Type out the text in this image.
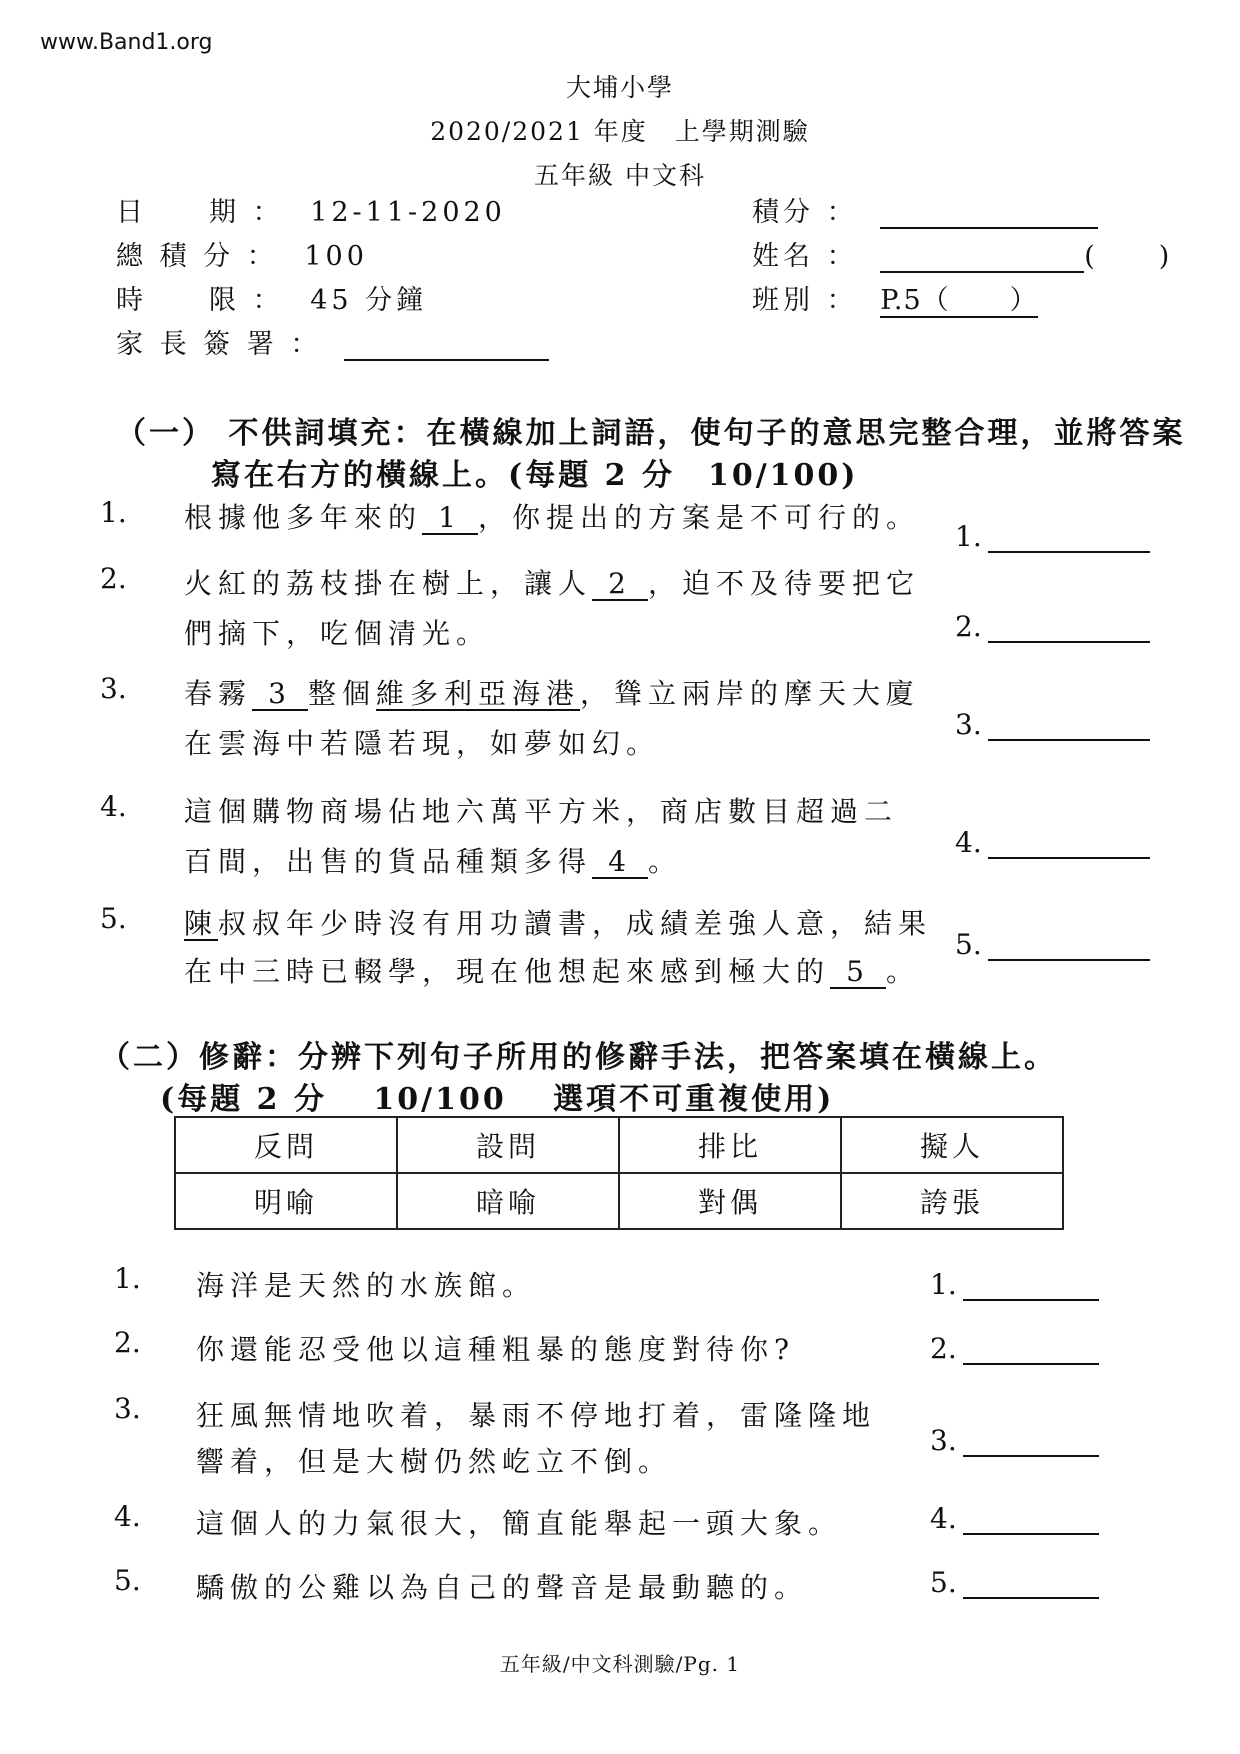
www.Band1.org
大埔小學
2020/2021 年度　上學期測驗
五年級 中文科
日　　期 ： 12-11-2020
總 積 分 ： 100
時　　限 ： 45 分鐘
家 長 簽 署 ：
積分 ：
姓名 ：	( )
班別 ： P.5（ ）
（一） 不供詞填充：在橫線加上詞語，使句子的意思完整合理，並將答案
寫在右方的橫線上。(每題 2 分　10/100)
1. 根據他多年來的 1 ，你提出的方案是不可行的。
2. 火紅的荔枝掛在樹上，讓人 2 ，迫不及待要把它
們摘下，吃個清光。
3. 春霧 3 整個維多利亞海港，聳立兩岸的摩天大廈
在雲海中若隱若現，如夢如幻。
4. 這個購物商場佔地六萬平方米，商店數目超過二
百間，出售的貨品種類多得 4 。
5. 陳叔叔年少時沒有用功讀書，成績差強人意，結果
在中三時已輟學，現在他想起來感到極大的 5 。
1.
2.
3.
4.
5.
（二）修辭：分辨下列句子所用的修辭手法，把答案填在橫線上。
(每題 2 分　 10/100　 選項不可重複使用)
反問	設問	排比	擬人
明喻	暗喻	對偶	誇張
1. 海洋是天然的水族館。
2. 你還能忍受他以這種粗暴的態度對待你?
3. 狂風無情地吹着，暴雨不停地打着，雷隆隆地
響着，但是大樹仍然屹立不倒。
4. 這個人的力氣很大，簡直能舉起一頭大象。
5. 驕傲的公雞以為自己的聲音是最動聽的。
1.
2.
3.
4.
5.
五年級/中文科測驗/Pg. 1
